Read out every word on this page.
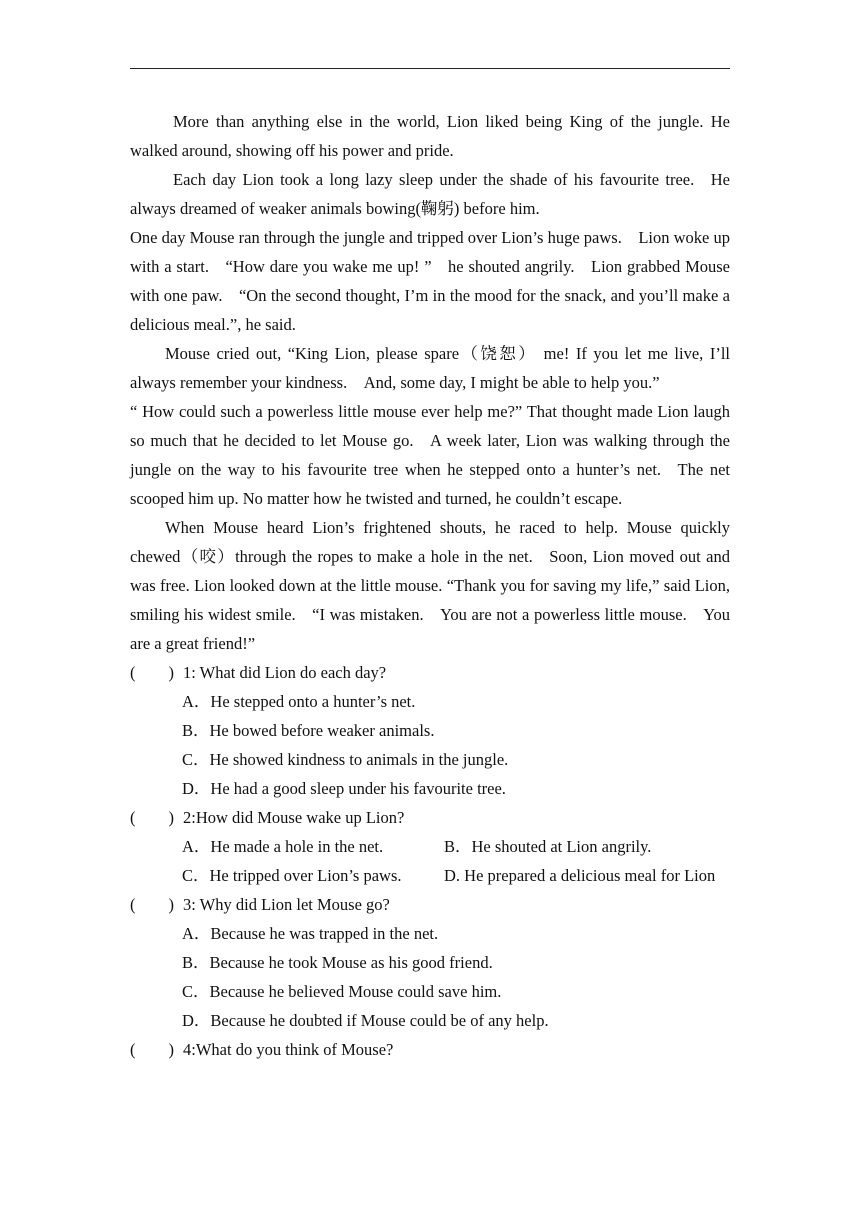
More than anything else in the world, Lion liked being King of the jungle. He walked around, showing off his power and pride.

Each day Lion took a long lazy sleep under the shade of his favourite tree. He always dreamed of weaker animals bowing(鞠躬) before him.

One day Mouse ran through the jungle and tripped over Lion’s huge paws. Lion woke up with a start. “How dare you wake me up! ” he shouted angrily. Lion grabbed Mouse with one paw. “On the second thought, I’m in the mood for the snack, and you’ll make a delicious meal.”, he said.

Mouse cried out, “King Lion, please spare（饶恕） me! If you let me live, I’ll always remember your kindness. And, some day, I might be able to help you.”

“ How could such a powerless little mouse ever help me?” That thought made Lion laugh so much that he decided to let Mouse go. A week later, Lion was walking through the jungle on the way to his favourite tree when he stepped onto a hunter’s net. The net scooped him up. No matter how he twisted and turned, he couldn’t escape.

When Mouse heard Lion’s frightened shouts, he raced to help. Mouse quickly chewed（咬）through the ropes to make a hole in the net. Soon, Lion moved out and was free. Lion looked down at the little mouse. “Thank you for saving my life,” said Lion, smiling his widest smile. “I was mistaken. You are not a powerless little mouse. You are a great friend!”

(  ) 1: What did Lion do each day?

A．He stepped onto a hunter’s net.

B．He bowed before weaker animals.

C．He showed kindness to animals in the jungle.

D．He had a good sleep under his favourite tree.

(  ) 2:How did Mouse wake up Lion?
A．He made a hole in the net.	B．He shouted at Lion angrily.
C．He tripped over Lion’s paws.	D. He prepared a delicious meal for Lion
(  ) 3: Why did Lion let Mouse go?

A．Because he was trapped in the net.

B．Because he took Mouse as his good friend.

C．Because he believed Mouse could save him.

D．Because he doubted if Mouse could be of any help.

(  ) 4:What do you think of Mouse?
